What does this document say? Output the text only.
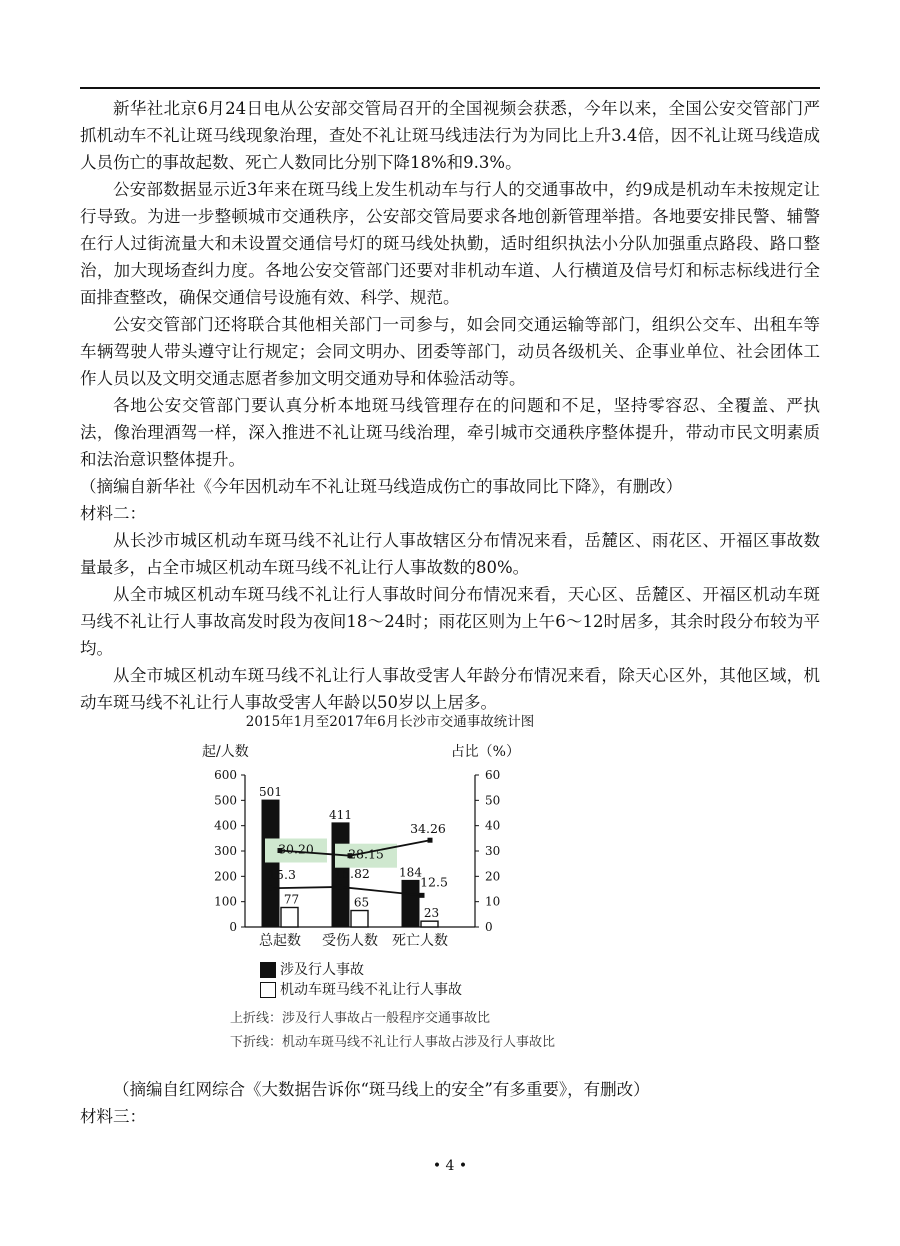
新华社北京6月24日电从公安部交管局召开的全国视频会获悉，今年以来，全国公安交管部门严抓机动车不礼让斑马线现象治理，查处不礼让斑马线违法行为为同比上升3.4倍，因不礼让斑马线造成人员伤亡的事故起数、死亡人数同比分别下降18%和9.3%。

公安部数据显示近3年来在斑马线上发生机动车与行人的交通事故中，约9成是机动车未按规定让行导致。为进一步整顿城市交通秩序，公安部交管局要求各地创新管理举措。各地要安排民警、辅警在行人过街流量大和未设置交通信号灯的斑马线处执勤，适时组织执法小分队加强重点路段、路口整治，加大现场查纠力度。各地公安交管部门还要对非机动车道、人行横道及信号灯和标志标线进行全面排查整改，确保交通信号设施有效、科学、规范。

公安交管部门还将联合其他相关部门一司参与，如会同交通运输等部门，组织公交车、出租车等车辆驾驶人带头遵守让行规定；会同文明办、团委等部门，动员各级机关、企事业单位、社会团体工作人员以及文明交通志愿者参加文明交通劝导和体验活动等。

各地公安交管部门要认真分析本地斑马线管理存在的问题和不足，坚持零容忍、全覆盖、严执法，像治理酒驾一样，深入推进不礼让斑马线治理，牵引城市交通秩序整体提升，带动市民文明素质和法治意识整体提升。

（摘编自新华社《今年因机动车不礼让斑马线造成伤亡的事故同比下降》，有删改）

材料二：

从长沙市城区机动车斑马线不礼让行人事故辖区分布情况来看，岳麓区、雨花区、开福区事故数量最多，占全市城区机动车斑马线不礼让行人事故数的80%。

从全市城区机动车斑马线不礼让行人事故时间分布情况来看，天心区、岳麓区、开福区机动车斑马线不礼让行人事故高发时段为夜间18～24时；雨花区则为上午6～12时居多，其余时段分布较为平均。

从全市城区机动车斑马线不礼让行人事故受害人年龄分布情况来看，除天心区外，其他区域，机动车斑马线不礼让行人事故受害人年龄以50岁以上居多。

2015年1月至2017年6月长沙市交通事故统计图
起/人数	占比（%）
0
100
200
300
400
500
600
0
10
20
30
40
50
60
501
77
总起数
411
65
受伤人数
184
23
死亡人数
30.20	28.15
34.26
15.3	15.82
12.5
涉及行人事故
机动车斑马线不礼让行人事故
上折线：涉及行人事故占一般程序交通事故比
下折线：机动车斑马线不礼让行人事故占涉及行人事故比

（摘编自红网综合《大数据告诉你“斑马线上的安全”有多重要》，有删改）

材料三：

• 4 •
